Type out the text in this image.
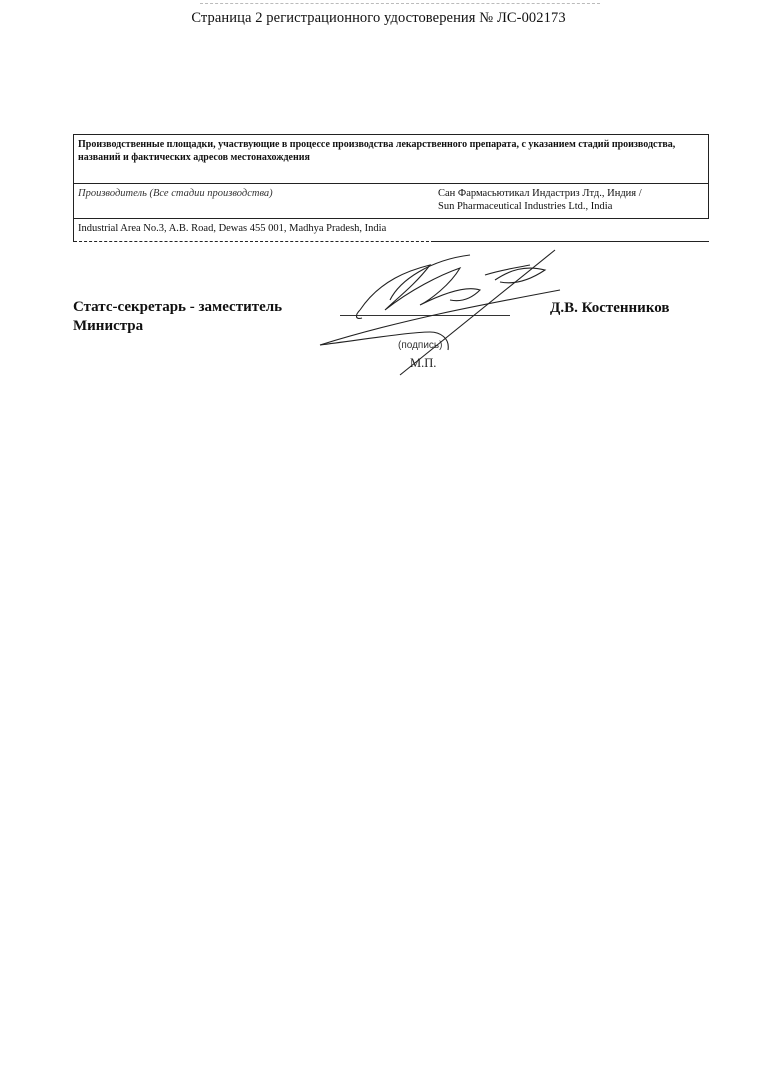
Страница 2 регистрационного удостоверения № ЛС-002173
Производственные площадки, участвующие в процессе производства лекарственного препарата, с указанием стадий производства, названий и фактических адресов местонахождения	
Производитель (Все стадии производства)	Сан Фармасьютикал Индастриз Лтд., Индия /
Sun Pharmaceutical Industries Ltd., India

Industrial Area No.3, A.B. Road, Dewas 455 001, Madhya Pradesh, India	
Статс-секретарь - заместитель
Министра
Д.В. Костенников
(подпись)
М.П.
